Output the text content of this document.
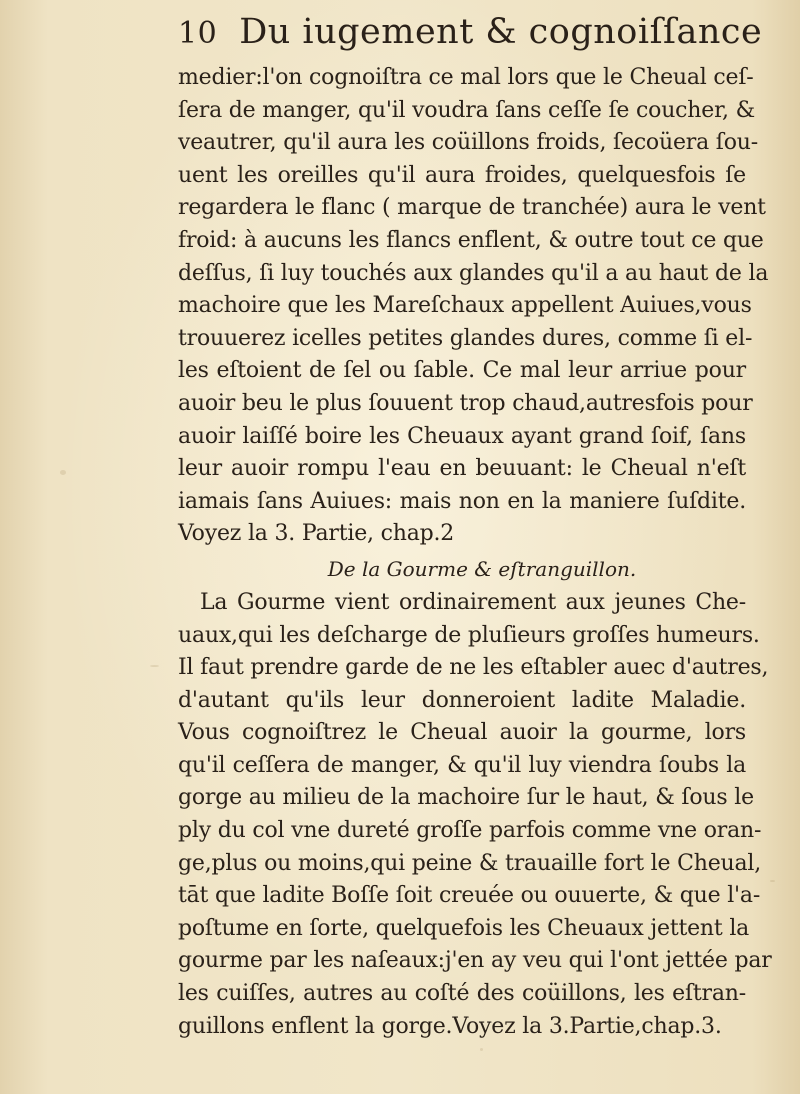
10 Du iugement & cognoiſſance
medier:l'on cognoiſtra ce mal lors que le Cheual ceſ-
ſera de manger, qu'il voudra ſans ceſſe ſe coucher, &
veautrer, qu'il aura les coüillons froids, ſecoüera ſou-
uent les oreilles qu'il aura froides, quelquesfois ſe
regardera le flanc ( marque de tranchée) aura le vent
froid: à aucuns les flancs enflent, & outre tout ce que
deſſus, ſi luy touchés aux glandes qu'il a au haut de la
machoire que les Mareſchaux appellent Auiues,vous
trouuerez icelles petites glandes dures, comme ſi el-
les eſtoient de ſel ou ſable. Ce mal leur arriue pour
auoir beu le plus ſouuent trop chaud,autresfois pour
auoir laiſſé boire les Cheuaux ayant grand ſoif, ſans
leur auoir rompu l'eau en beuuant: le Cheual n'eſt
iamais ſans Auiues: mais non en la maniere ſuſdite.
Voyez la 3. Partie, chap.2
De la Gourme & eſtranguillon.
La Gourme vient ordinairement aux jeunes Che-
uaux,qui les deſcharge de pluſieurs groſſes humeurs.
Il faut prendre garde de ne les eſtabler auec d'autres,
d'autant qu'ils leur donneroient ladite Maladie.
Vous cognoiſtrez le Cheual auoir la gourme, lors
qu'il ceſſera de manger, & qu'il luy viendra ſoubs la
gorge au milieu de la machoire ſur le haut, & ſous le
ply du col vne dureté groſſe parfois comme vne oran-
ge,plus ou moins,qui peine & trauaille fort le Cheual,
tāt que ladite Boſſe ſoit creuée ou ouuerte, & que l'a-
poſtume en ſorte, quelquefois les Cheuaux jettent la
gourme par les naſeaux:j'en ay veu qui l'ont jettée par
les cuiſſes, autres au coſté des coüillons, les eſtran-
guillons enflent la gorge.Voyez la 3.Partie,chap.3.
